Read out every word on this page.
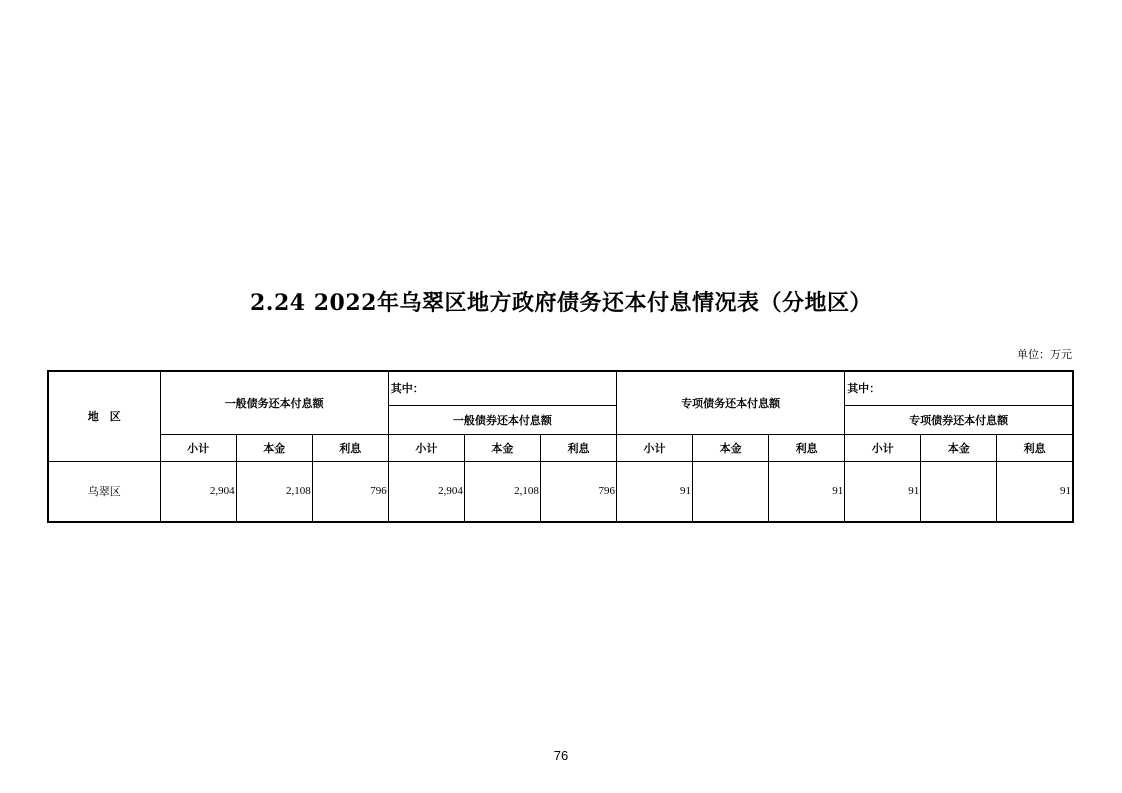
2.24 2022年乌翠区地方政府债务还本付息情况表（分地区）
单位：万元
地　区	一般债务还本付息额			其中：			专项债务还本付息额			其中：		
				一般债券还本付息额						专项债券还本付息额		
	小计	本金	利息	小计	本金	利息	小计	本金	利息	小计	本金	利息
乌翠区	2,904	2,108	796	2,904	2,108	796	91		91	91		91
76
